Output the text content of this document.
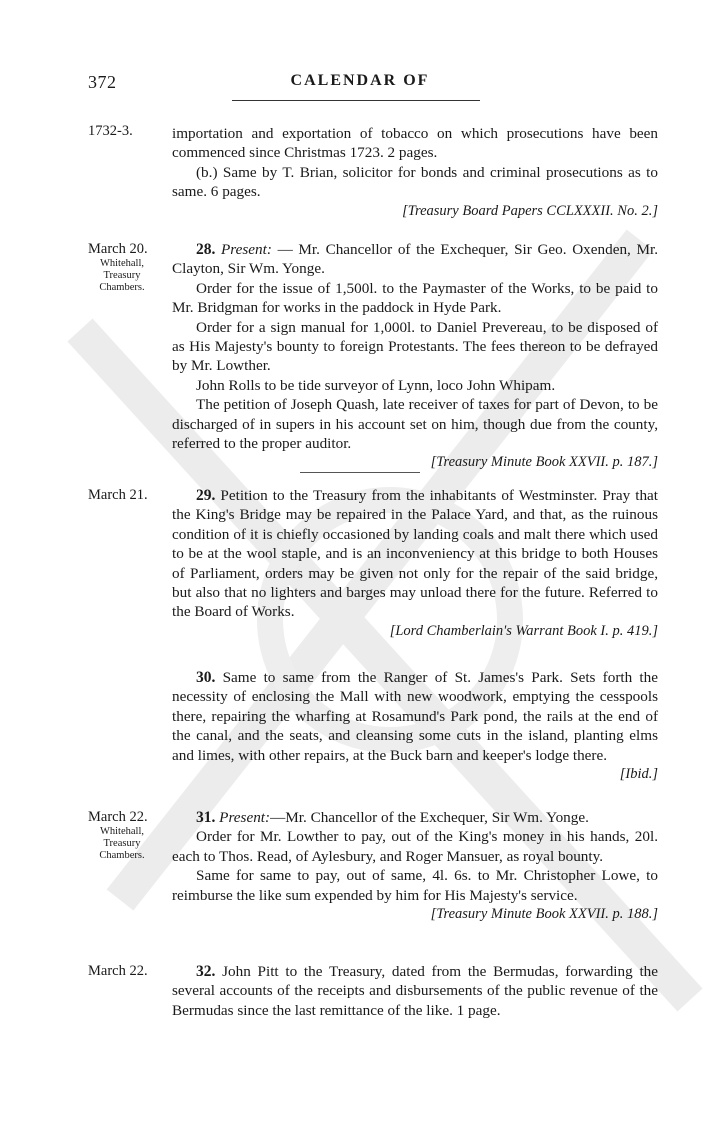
372	CALENDAR OF
1732-3.
March 20.
Whitehall, Treasury Chambers.
March 21.
March 22.
Whitehall, Treasury Chambers.
March 22.

importation and exportation of tobacco on which prosecutions have been commenced since Christmas 1723. 2 pages.

(b.) Same by T. Brian, solicitor for bonds and criminal prosecutions as to same. 6 pages.

[Treasury Board Papers CCLXXXII. No. 2.]

28. Present: — Mr. Chancellor of the Exchequer, Sir Geo. Oxenden, Mr. Clayton, Sir Wm. Yonge.

Order for the issue of 1,500l. to the Paymaster of the Works, to be paid to Mr. Bridgman for works in the paddock in Hyde Park.

Order for a sign manual for 1,000l. to Daniel Prevereau, to be disposed of as His Majesty's bounty to foreign Protestants. The fees thereon to be defrayed by Mr. Lowther.

John Rolls to be tide surveyor of Lynn, loco John Whipam.

The petition of Joseph Quash, late receiver of taxes for part of Devon, to be discharged of in supers in his account set on him, though due from the county, referred to the proper auditor.

[Treasury Minute Book XXVII. p. 187.]

29. Petition to the Treasury from the inhabitants of Westminster. Pray that the King's Bridge may be repaired in the Palace Yard, and that, as the ruinous condition of it is chiefly occasioned by landing coals and malt there which used to be at the wool staple, and is an inconveniency at this bridge to both Houses of Parliament, orders may be given not only for the repair of the said bridge, but also that no lighters and barges may unload there for the future. Referred to the Board of Works.

[Lord Chamberlain's Warrant Book I. p. 419.]

30. Same to same from the Ranger of St. James's Park. Sets forth the necessity of enclosing the Mall with new woodwork, emptying the cesspools there, repairing the wharfing at Rosamund's Park pond, the rails at the end of the canal, and the seats, and cleansing some cuts in the island, planting elms and limes, with other repairs, at the Buck barn and keeper's lodge there.

[Ibid.]

31. Present:—Mr. Chancellor of the Exchequer, Sir Wm. Yonge.

Order for Mr. Lowther to pay, out of the King's money in his hands, 20l. each to Thos. Read, of Aylesbury, and Roger Mansuer, as royal bounty.

Same for same to pay, out of same, 4l. 6s. to Mr. Christopher Lowe, to reimburse the like sum expended by him for His Majesty's service.

[Treasury Minute Book XXVII. p. 188.]

32. John Pitt to the Treasury, dated from the Bermudas, forwarding the several accounts of the receipts and disbursements of the public revenue of the Bermudas since the last remittance of the like. 1 page.
